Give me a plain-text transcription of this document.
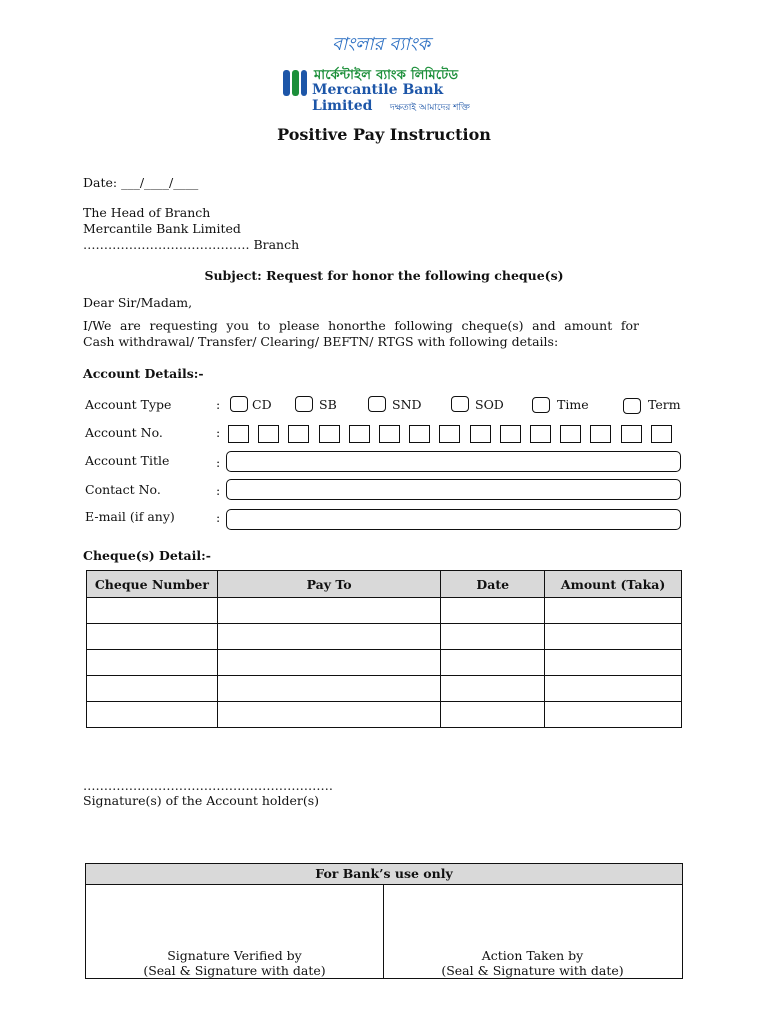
বাংলার ব্যাংক
মার্কেন্টাইল ব্যাংক লিমিটেড
Mercantile Bank Limited	দক্ষতাই আমাদের শক্তি
Positive Pay Instruction
Date: ___/____/____
The Head of Branch
Mercantile Bank Limited
…………………………………. Branch
Subject: Request for honor the following cheque(s)
Dear Sir/Madam,
I/We are requesting you to please honorthe following cheque(s) and amount for
Cash withdrawal/ Transfer/ Clearing/ BEFTN/ RTGS with following details:
Account Details:-
Account Type	:	CD	SB	SND	SOD	Time	Term
Account No.	:
Account Title	:
Contact No.	:
E-mail (if any)	:
Cheque(s) Detail:-
Cheque Number	Pay To	Date	Amount (Taka)

……………………………………………………
Signature(s) of the Account holder(s)
For Bank’s use only
Signature Verified by
(Seal & Signature with date)
Action Taken by
(Seal & Signature with date)
